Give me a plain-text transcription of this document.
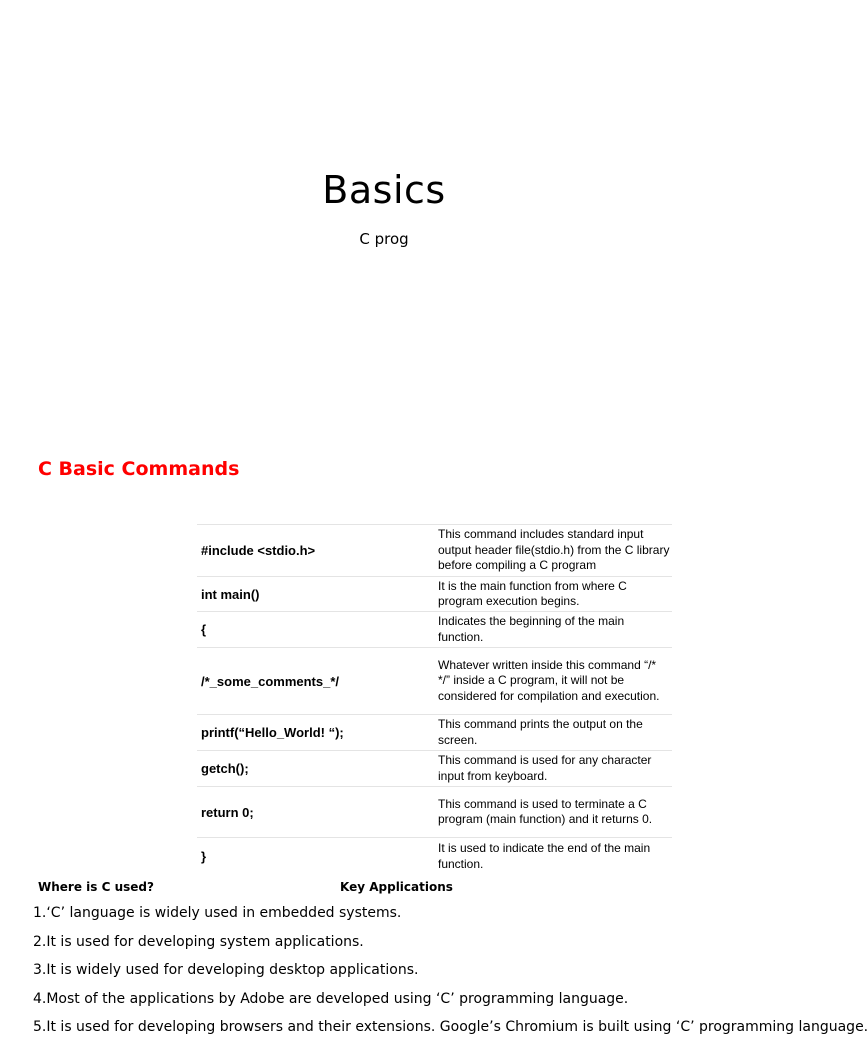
Basics
C prog
C Basic Commands
#include <stdio.h>	This command includes standard input output header file(stdio.h) from the C library before compiling a C program
int main()	It is the main function from where C program execution begins.
{	Indicates the beginning of the main function.
/*_some_comments_*/	Whatever written inside this command “/* */” inside a C program, it will not be considered for compilation and execution.
printf(“Hello_World! “);	This command prints the output on the screen.
getch();	This command is used for any character input from keyboard.
return 0;	This command is used to terminate a C program (main function) and it returns 0.
}	It is used to indicate the end of the main function.
Where is C used?	Key Applications
1.‘C’ language is widely used in embedded systems.
2.It is used for developing system applications.
3.It is widely used for developing desktop applications.
4.Most of the applications by Adobe are developed using ‘C’ programming language.
5.It is used for developing browsers and their extensions. Google’s Chromium is built using ‘C’ programming language.
